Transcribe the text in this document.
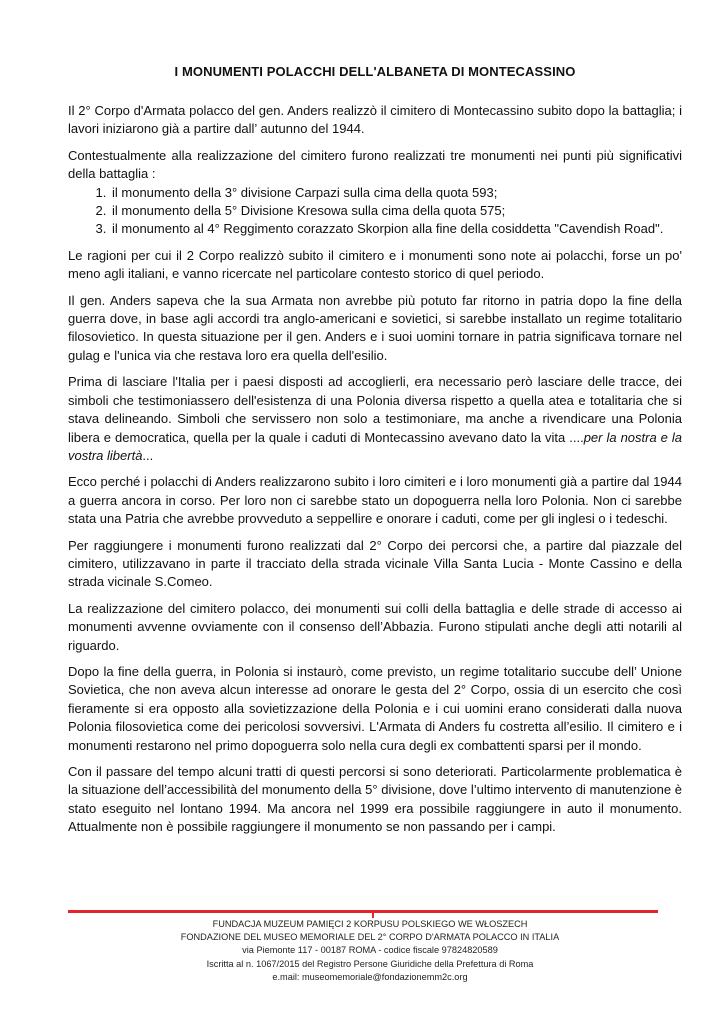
I MONUMENTI POLACCHI DELL'ALBANETA DI MONTECASSINO

Il 2° Corpo d'Armata polacco del gen. Anders realizzò il cimitero di Montecassino subito dopo la battaglia; i lavori iniziarono già a partire dall’ autunno del 1944.

Contestualmente alla realizzazione del cimitero furono realizzati tre monumenti nei punti più significativi della battaglia :

1. il monumento della 3° divisione Carpazi sulla cima della quota 593;
2. il monumento della 5° Divisione Kresowa sulla cima della quota 575;
3. il monumento al 4° Reggimento corazzato Skorpion alla fine della cosiddetta "Cavendish Road".

Le ragioni per cui il 2 Corpo realizzò subito il cimitero e i monumenti sono note ai polacchi, forse un po' meno agli italiani, e vanno ricercate nel particolare contesto storico di quel periodo.

Il gen. Anders sapeva che la sua Armata non avrebbe più potuto far ritorno in patria dopo la fine della guerra dove, in base agli accordi tra anglo-americani e sovietici, si sarebbe installato un regime totalitario filosovietico. In questa situazione per il gen. Anders e i suoi uomini tornare in patria significava tornare nel gulag e l'unica via che restava loro era quella dell'esilio.

Prima di lasciare l'Italia per i paesi disposti ad accoglierli, era necessario però lasciare delle tracce, dei simboli che testimoniassero dell'esistenza di una Polonia diversa rispetto a quella atea e totalitaria che si stava delineando. Simboli che servissero non solo a testimoniare, ma anche a rivendicare una Polonia libera e democratica, quella per la quale i caduti di Montecassino avevano dato la vita ....per la nostra e la vostra libertà...

Ecco perché i polacchi di Anders realizzarono subito i loro cimiteri e i loro monumenti già a partire dal 1944 a guerra ancora in corso. Per loro non ci sarebbe stato un dopoguerra nella loro Polonia. Non ci sarebbe stata una Patria che avrebbe provveduto a seppellire e onorare i caduti, come per gli inglesi o i tedeschi.

Per raggiungere i monumenti furono realizzati dal 2° Corpo dei percorsi che, a partire dal piazzale del cimitero, utilizzavano in parte il tracciato della strada vicinale Villa Santa Lucia - Monte Cassino e della strada vicinale S.Comeo.

La realizzazione del cimitero polacco, dei monumenti sui colli della battaglia e delle strade di accesso ai monumenti avvenne ovviamente con il consenso dell’Abbazia. Furono stipulati anche degli atti notarili al riguardo.

Dopo la fine della guerra, in Polonia si instaurò, come previsto, un regime totalitario succube dell’ Unione Sovietica, che non aveva alcun interesse ad onorare le gesta del 2° Corpo, ossia di un esercito che così fieramente si era opposto alla sovietizzazione della Polonia e i cui uomini erano considerati dalla nuova Polonia filosovietica come dei pericolosi sovversivi. L'Armata di Anders fu costretta all’esilio. Il cimitero e i monumenti restarono nel primo dopoguerra solo nella cura degli ex combattenti sparsi per il mondo.

Con il passare del tempo alcuni tratti di questi percorsi si sono deteriorati. Particolarmente problematica è la situazione dell’accessibilità del monumento della 5° divisione, dove l’ultimo intervento di manutenzione è stato eseguito nel lontano 1994. Ma ancora nel 1999 era possibile raggiungere in auto il monumento. Attualmente non è possibile raggiungere il monumento se non passando per i campi.

FUNDACJA MUZEUM PAMIĘCI 2 KORPUSU POLSKIEGO WE WŁOSZECH
FONDAZIONE DEL MUSEO MEMORIALE DEL 2° CORPO D'ARMATA POLACCO IN ITALIA
via Piemonte 117 - 00187 ROMA - codice fiscale 97824820589
Iscritta al n. 1067/2015 del Registro Persone Giuridiche della Prefettura di Roma
e.mail: museomemoriale@fondazionemm2c.org
